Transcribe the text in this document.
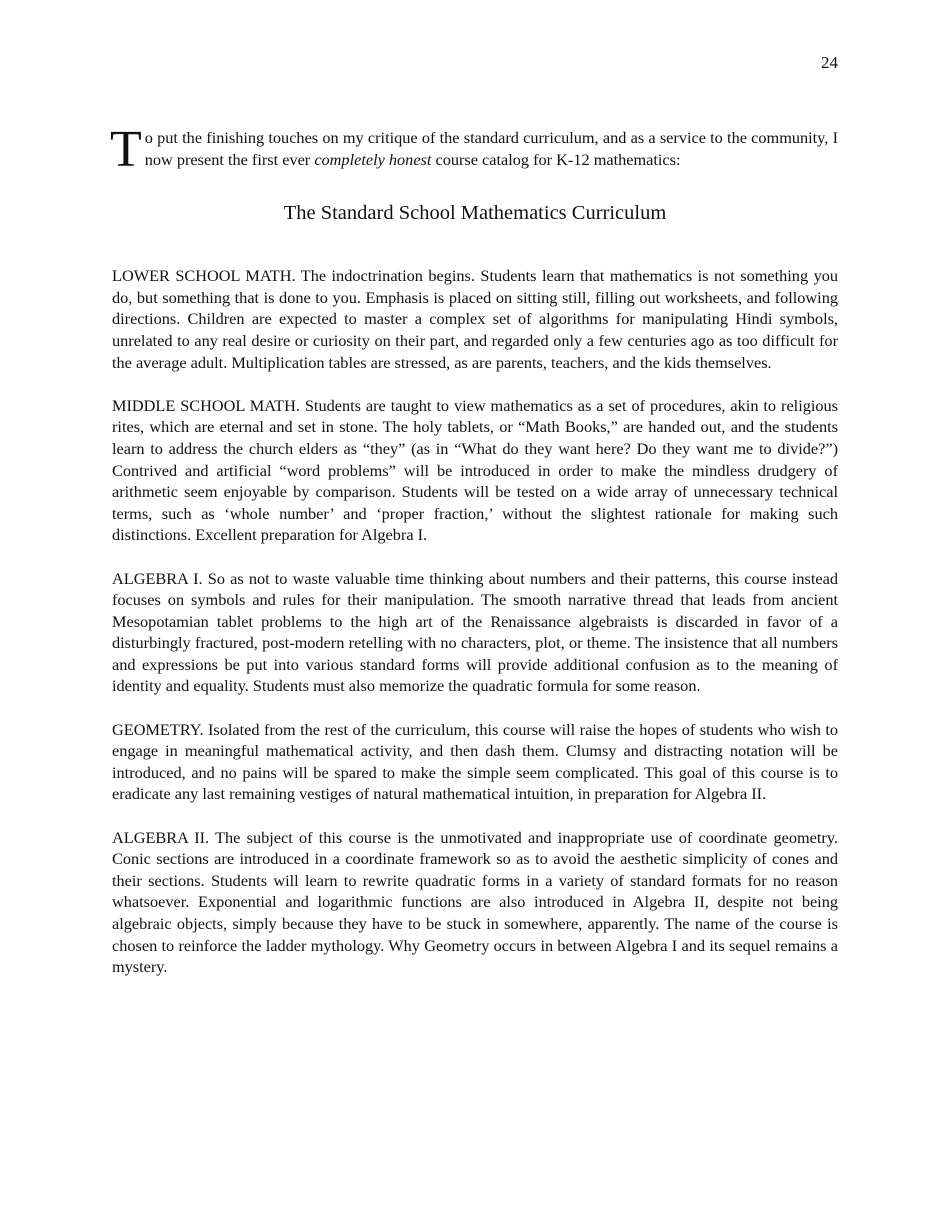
24

To put the finishing touches on my critique of the standard curriculum, and as a service to the community, I now present the first ever completely honest course catalog for K-12 mathematics:

The Standard School Mathematics Curriculum

LOWER SCHOOL MATH. The indoctrination begins. Students learn that mathematics is not something you do, but something that is done to you. Emphasis is placed on sitting still, filling out worksheets, and following directions. Children are expected to master a complex set of algorithms for manipulating Hindi symbols, unrelated to any real desire or curiosity on their part, and regarded only a few centuries ago as too difficult for the average adult. Multiplication tables are stressed, as are parents, teachers, and the kids themselves.

MIDDLE SCHOOL MATH. Students are taught to view mathematics as a set of procedures, akin to religious rites, which are eternal and set in stone. The holy tablets, or “Math Books,” are handed out, and the students learn to address the church elders as “they” (as in “What do they want here? Do they want me to divide?”) Contrived and artificial “word problems” will be introduced in order to make the mindless drudgery of arithmetic seem enjoyable by comparison. Students will be tested on a wide array of unnecessary technical terms, such as ‘whole number’ and ‘proper fraction,’ without the slightest rationale for making such distinctions. Excellent preparation for Algebra I.

ALGEBRA I. So as not to waste valuable time thinking about numbers and their patterns, this course instead focuses on symbols and rules for their manipulation. The smooth narrative thread that leads from ancient Mesopotamian tablet problems to the high art of the Renaissance algebraists is discarded in favor of a disturbingly fractured, post-modern retelling with no characters, plot, or theme. The insistence that all numbers and expressions be put into various standard forms will provide additional confusion as to the meaning of identity and equality. Students must also memorize the quadratic formula for some reason.

GEOMETRY. Isolated from the rest of the curriculum, this course will raise the hopes of students who wish to engage in meaningful mathematical activity, and then dash them. Clumsy and distracting notation will be introduced, and no pains will be spared to make the simple seem complicated. This goal of this course is to eradicate any last remaining vestiges of natural mathematical intuition, in preparation for Algebra II.

ALGEBRA II. The subject of this course is the unmotivated and inappropriate use of coordinate geometry. Conic sections are introduced in a coordinate framework so as to avoid the aesthetic simplicity of cones and their sections. Students will learn to rewrite quadratic forms in a variety of standard formats for no reason whatsoever. Exponential and logarithmic functions are also introduced in Algebra II, despite not being algebraic objects, simply because they have to be stuck in somewhere, apparently. The name of the course is chosen to reinforce the ladder mythology. Why Geometry occurs in between Algebra I and its sequel remains a mystery.
